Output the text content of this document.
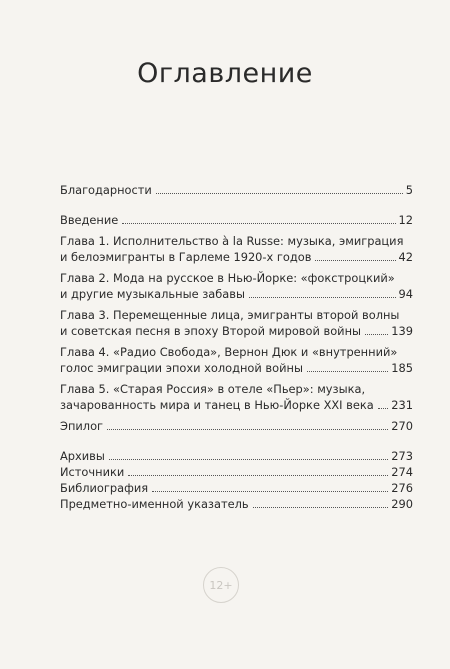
Оглавление
Благодарности	5
Введение	12
Глава 1. Исполнительство à la Russe: музыка, эмиграция
и белоэмигранты в Гарлеме 1920-х годов	42
Глава 2. Мода на русское в Нью-Йорке: «фокстроцкий»
и другие музыкальные забавы	94
Глава 3. Перемещенные лица, эмигранты второй волны
и советская песня в эпоху Второй мировой войны	139
Глава 4. «Радио Свобода», Вернон Дюк и «внутренний»
голос эмиграции эпохи холодной войны	185
Глава 5. «Старая Россия» в отеле «Пьер»: музыка,
зачарованность мира и танец в Нью-Йорке XXI века 231
Эпилог	270
Архивы	273
Источники	274
Библиография	276
Предметно-именной указатель	290
12+
